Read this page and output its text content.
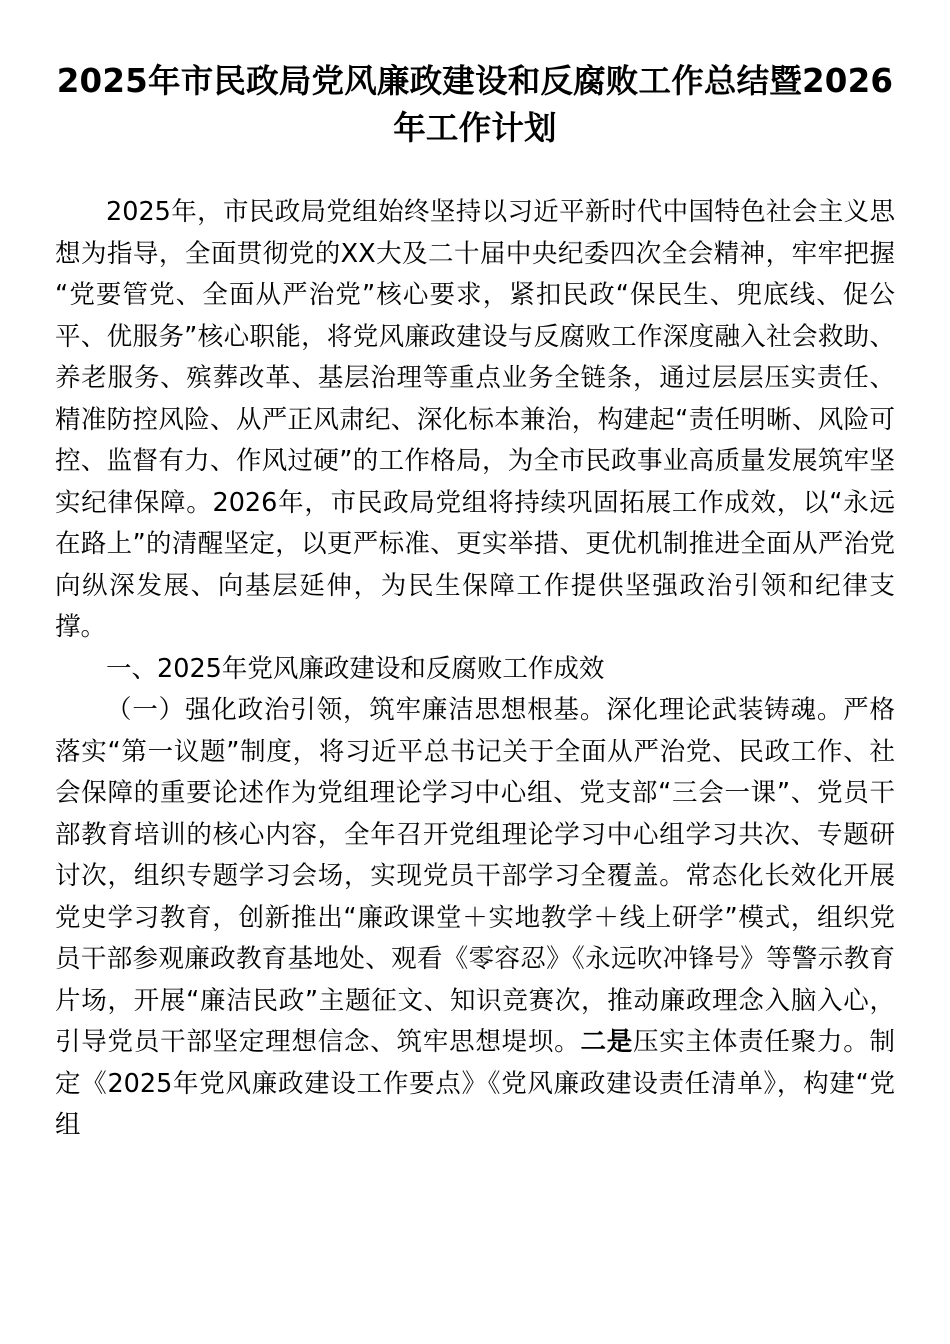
2025年市民政局党风廉政建设和反腐败工作总结暨2026年工作计划

2025年，市民政局党组始终坚持以习近平新时代中国特色社会主义思想为指导，全面贯彻党的XX大及二十届中央纪委四次全会精神，牢牢把握“党要管党、全面从严治党”核心要求，紧扣民政“保民生、兜底线、促公平、优服务”核心职能，将党风廉政建设与反腐败工作深度融入社会救助、养老服务、殡葬改革、基层治理等重点业务全链条，通过层层压实责任、精准防控风险、从严正风肃纪、深化标本兼治，构建起“责任明晰、风险可控、监督有力、作风过硬”的工作格局，为全市民政事业高质量发展筑牢坚实纪律保障。2026年，市民政局党组将持续巩固拓展工作成效，以“永远在路上”的清醒坚定，以更严标准、更实举措、更优机制推进全面从严治党向纵深发展、向基层延伸，为民生保障工作提供坚强政治引领和纪律支撑。

一、2025年党风廉政建设和反腐败工作成效

（一）强化政治引领，筑牢廉洁思想根基。深化理论武装铸魂。严格落实“第一议题”制度，将习近平总书记关于全面从严治党、民政工作、社会保障的重要论述作为党组理论学习中心组、党支部“三会一课”、党员干部教育培训的核心内容，全年召开党组理论学习中心组学习共次、专题研讨次，组织专题学习会场，实现党员干部学习全覆盖。常态化长效化开展党史学习教育，创新推出“廉政课堂＋实地教学＋线上研学”模式，组织党员干部参观廉政教育基地处、观看《零容忍》《永远吹冲锋号》等警示教育片场，开展“廉洁民政”主题征文、知识竞赛次，推动廉政理念入脑入心，引导党员干部坚定理想信念、筑牢思想堤坝。二是压实主体责任聚力。制定《2025年党风廉政建设工作要点》《党风廉政建设责任清单》，构建“党组
